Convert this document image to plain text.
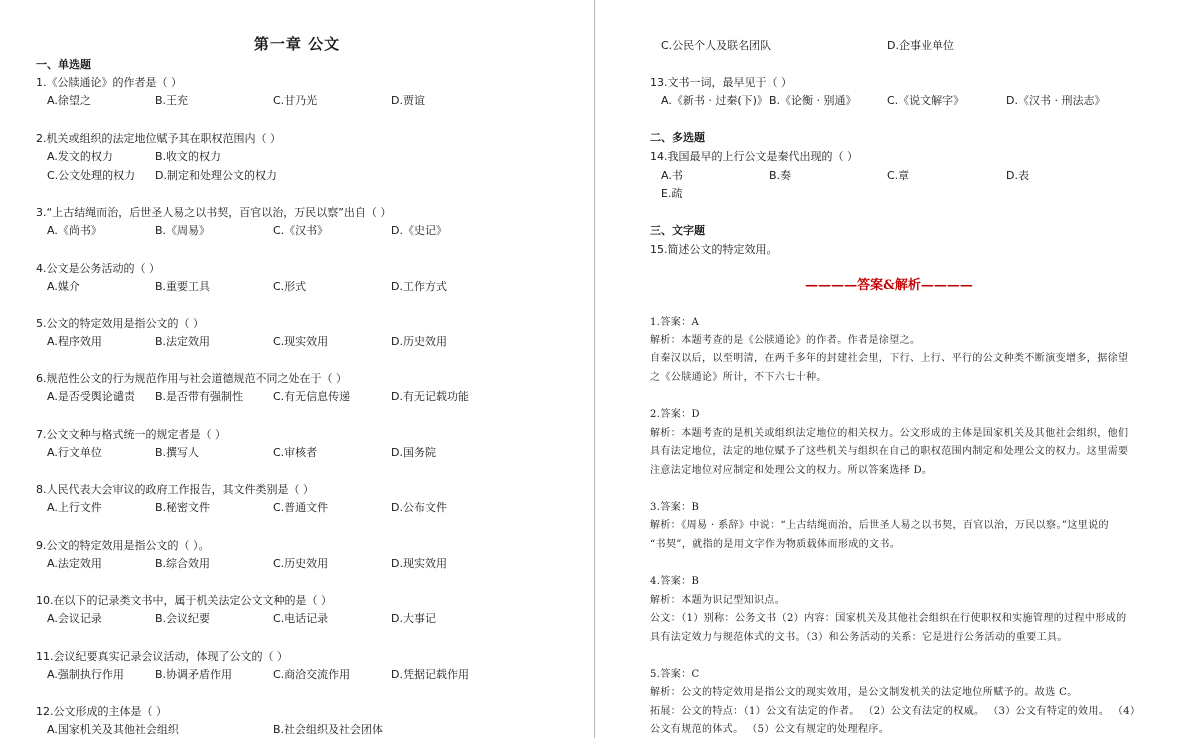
第一章 公文
一、单选题
1.《公牍通论》的作者是（ ）
A.徐望之	B.王充	C.甘乃光	D.贾谊
2.机关或组织的法定地位赋予其在职权范围内（ ）
A.发文的权力	B.收文的权力
C.公文处理的权力 D.制定和处理公文的权力
3.“上古结绳而治，后世圣人易之以书契，百官以治，万民以察”出自（ ）
A.《尚书》	B.《周易》	C.《汉书》	D.《史记》
4.公文是公务活动的（ ）
A.媒介	B.重要工具	C.形式	D.工作方式
5.公文的特定效用是指公文的（ ）
A.程序效用	B.法定效用	C.现实效用	D.历史效用
6.规范性公文的行为规范作用与社会道德规范不同之处在于（ ）
A.是否受舆论谴责 B.是否带有强制性	C.有无信息传递	D.有无记载功能
7.公文文种与格式统一的规定者是（ ）
A.行文单位	B.撰写人	C.审核者	D.国务院
8.人民代表大会审议的政府工作报告，其文件类别是（ ）
A.上行文件	B.秘密文件	C.普通文件	D.公布文件
9.公文的特定效用是指公文的（ ）。
A.法定效用	B.综合效用	C.历史效用	D.现实效用
10.在以下的记录类文书中，属于机关法定公文文种的是（ ）
A.会议记录	B.会议纪要	C.电话记录	D.大事记
11.会议纪要真实记录会议活动，体现了公文的（ ）
A.强制执行作用	B.协调矛盾作用	C.商洽交流作用	D.凭据记载作用
12.公文形成的主体是（ ）
A.国家机关及其他社会组织	B.社会组织及社会团体
C.公民个人及联名团队	D.企事业单位
13.文书一词，最早见于（ ）
A.《新书 · 过秦(下)》 B.《论衡 · 别通》	C.《说文解字》	D.《汉书 · 刑法志》
二、多选题
14.我国最早的上行公文是秦代出现的（ ）
A.书	B.奏	C.章	D.表
E.疏
三、文字题
15.简述公文的特定效用。
————答案&解析————
1.答案：A
解析：本题考查的是《公牍通论》的作者。作者是徐望之。
自秦汉以后，以至明清，在两千多年的封建社会里，下行、上行、平行的公文种类不断演变增多，据徐望
之《公牍通论》所计，不下六七十种。
2.答案：D
解析：本题考查的是机关或组织法定地位的相关权力。公文形成的主体是国家机关及其他社会组织，他们
具有法定地位，法定的地位赋予了这些机关与组织在自己的职权范围内制定和处理公文的权力。这里需要
注意法定地位对应制定和处理公文的权力。所以答案选择 D。
3.答案：B
解析：《周易 · 系辞》中说：“上古结绳而治，后世圣人易之以书契，百官以治，万民以察。”这里说的
“书契”，就指的是用文字作为物质载体而形成的文书。
4.答案：B
解析：本题为识记型知识点。
公文：（1）别称：公务文书（2）内容：国家机关及其他社会组织在行使职权和实施管理的过程中形成的
具有法定效力与规范体式的文书。（3）和公务活动的关系：它是进行公务活动的重要工具。
5.答案：C
解析：公文的特定效用是指公文的现实效用，是公文制发机关的法定地位所赋予的。故选 C。
拓展：公文的特点：（1）公文有法定的作者。 （2）公文有法定的权威。 （3）公文有特定的效用。 （4）
公文有规范的体式。 （5）公文有规定的处理程序。
